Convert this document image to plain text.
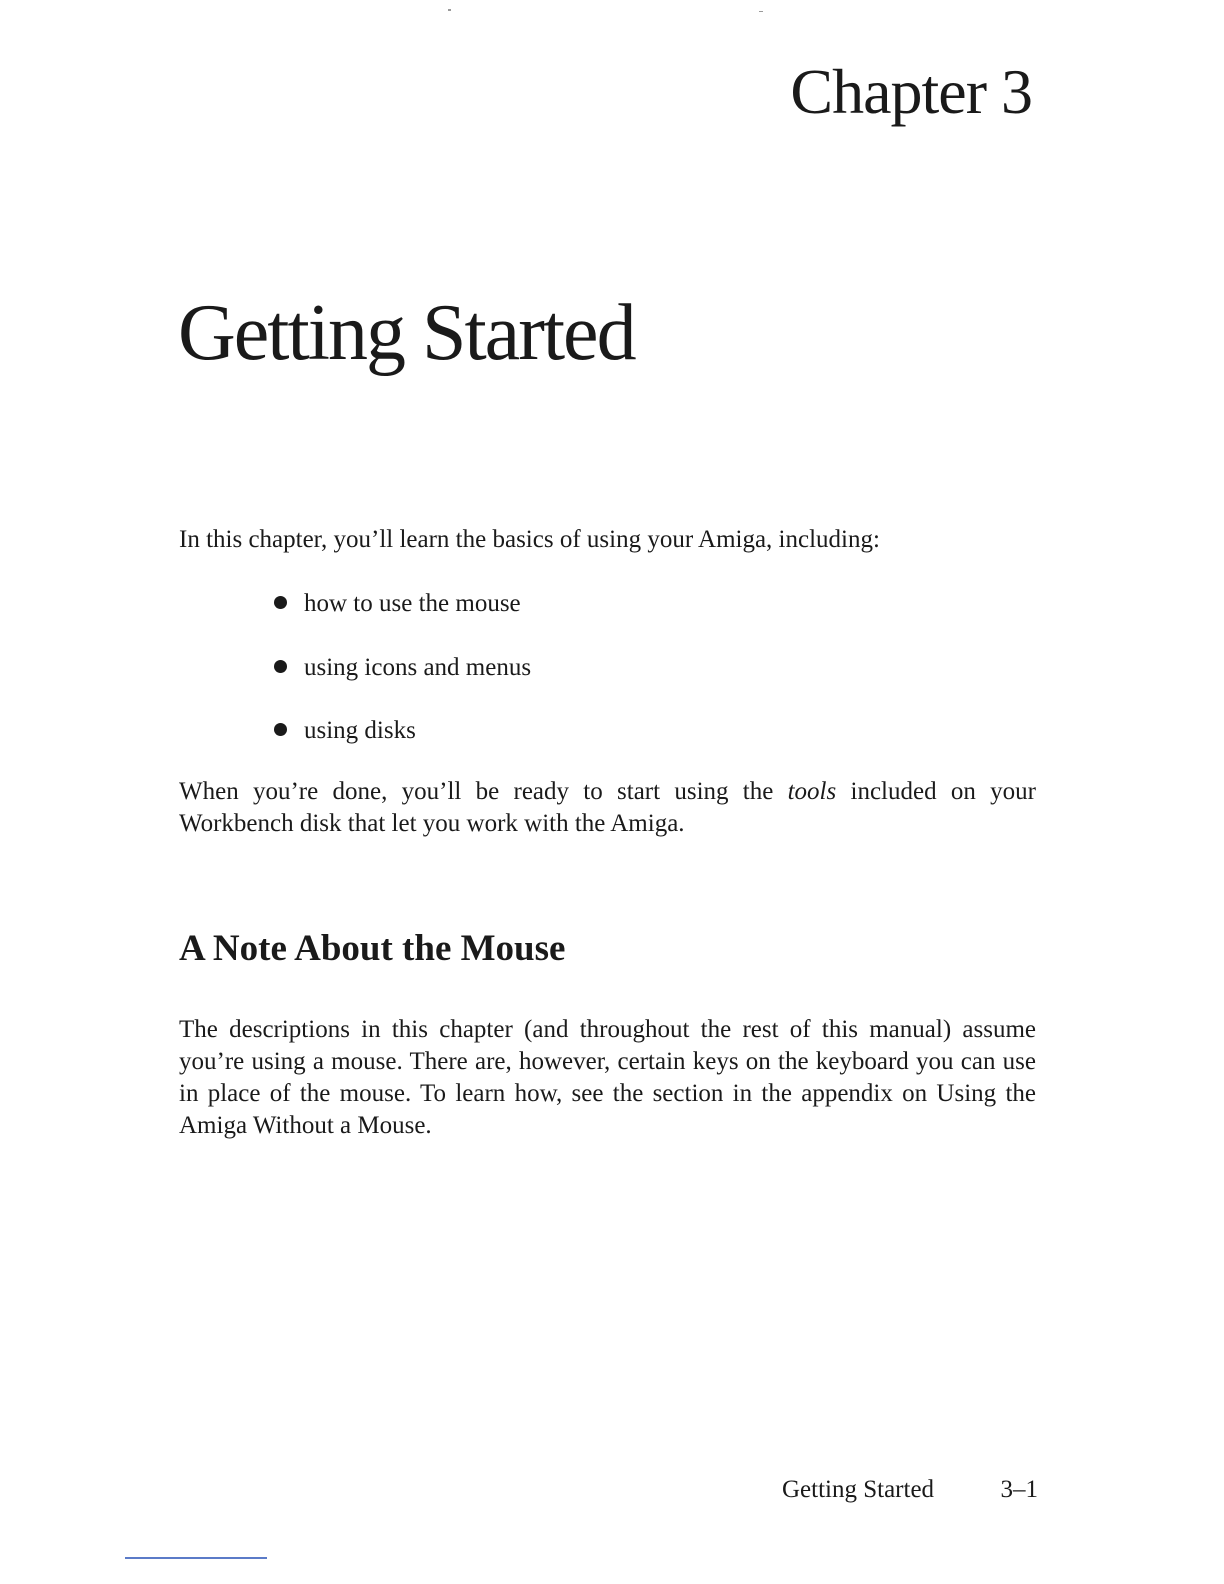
Chapter 3
Getting Started
In this chapter, you’ll learn the basics of using your Amiga, including:
how to use the mouse
using icons and menus
using disks

When you’re done, you’ll be ready to start using the tools included on your Workbench disk that let you work with the Amiga.

A Note About the Mouse

The descriptions in this chapter (and throughout the rest of this manual) assume you’re using a mouse. There are, however, certain keys on the keyboard you can use in place of the mouse. To learn how, see the section in the appendix on Using the Amiga Without a Mouse.

Getting Started	3–1
